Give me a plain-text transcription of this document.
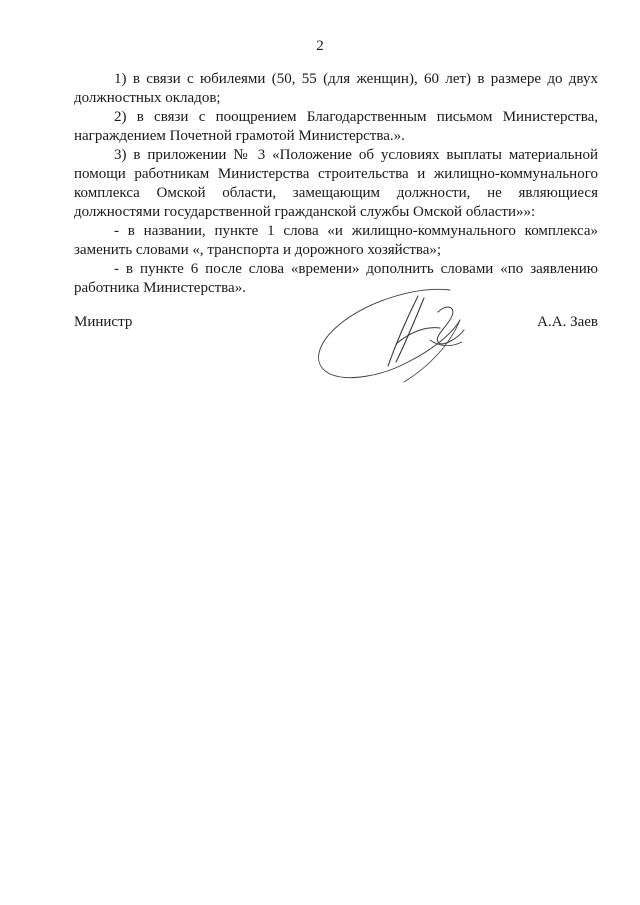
2

1) в связи с юбилеями (50, 55 (для женщин), 60 лет) в размере до двух должностных окладов;

2) в связи с поощрением Благодарственным письмом Министерства, награждением Почетной грамотой Министерства.».

3) в приложении № 3 «Положение об условиях выплаты материальной помощи работникам Министерства строительства и жилищно-коммунального комплекса Омской области, замещающим должности, не являющиеся должностями государственной гражданской службы Омской области»»:

- в названии, пункте 1 слова «и жилищно-коммунального комплекса» заменить словами «, транспорта и дорожного хозяйства»;

- в пункте 6 после слова «времени» дополнить словами «по заявлению работника Министерства».

Министр	А.А. Заев
